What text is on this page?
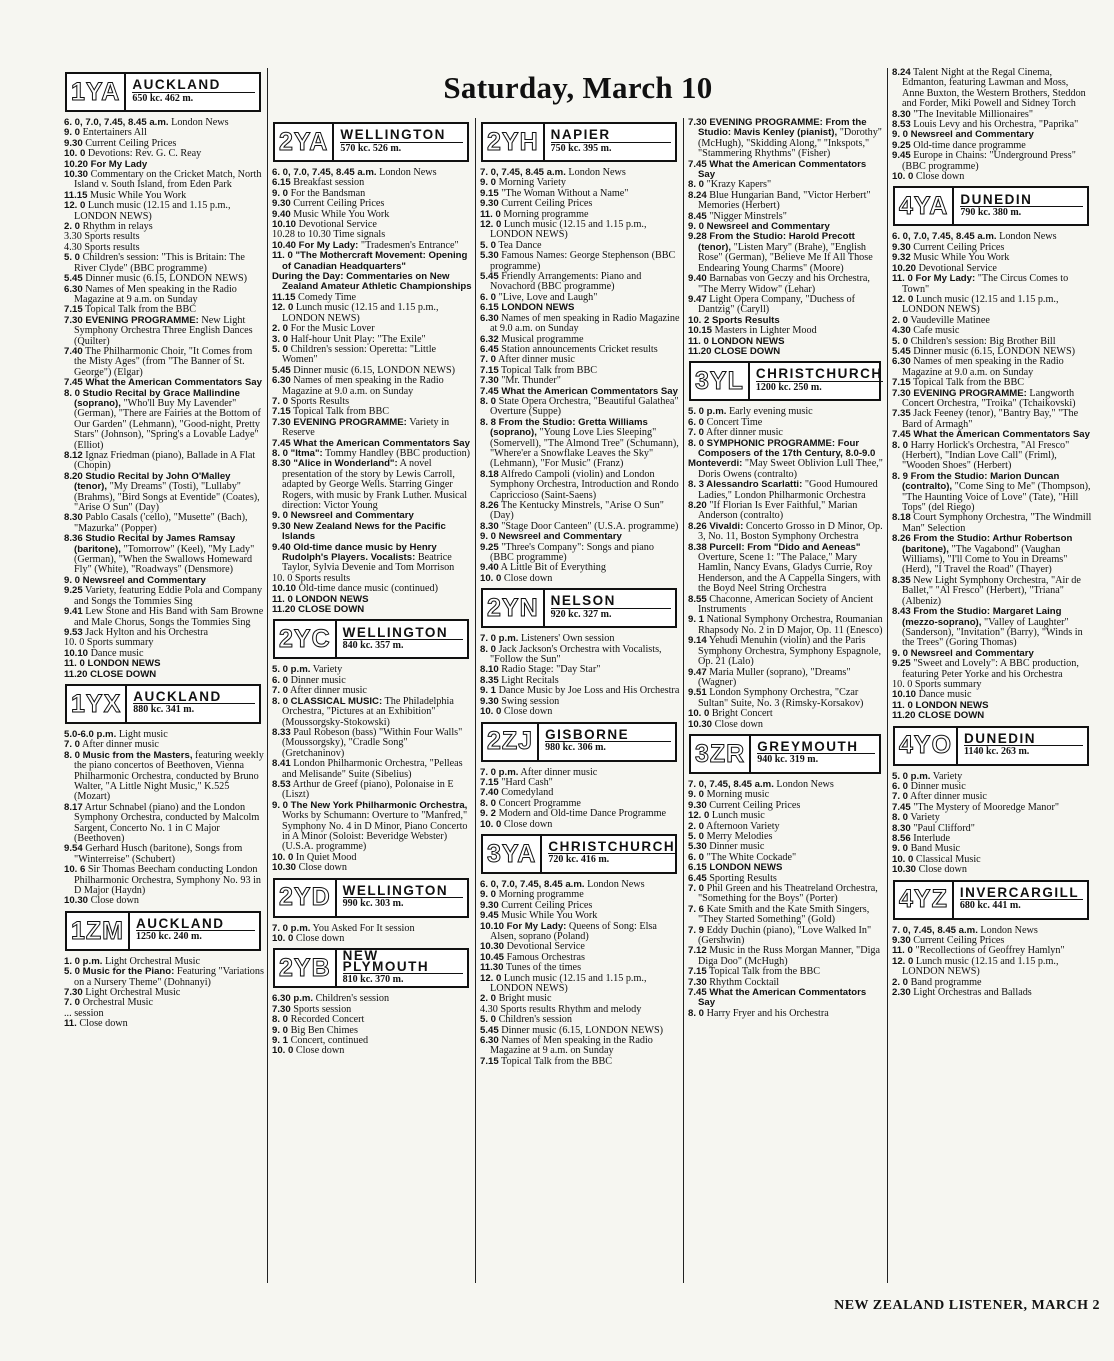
Saturday, March 10
1YA AUCKLAND
650 kc. 462 m.

6. 0, 7.0, 7.45, 8.45 a.m. London News

9. 0 Entertainers All

9.30 Current Ceiling Prices

10. 0 Devotions: Rev. G. C. Reay

10.20 For My Lady

10.30 Commentary on the Cricket Match, North Island v. South Island, from Eden Park

11.15 Music While You Work

12. 0 Lunch music (12.15 and 1.15 p.m., LONDON NEWS)

2. 0 Rhythm in relays

3.30 Sports results

4.30 Sports results

5. 0 Children's session: "This is Britain: The River Clyde" (BBC programme)

5.45 Dinner music (6.15, LONDON NEWS)

6.30 Names of Men speaking in the Radio Magazine at 9 a.m. on Sunday

7.15 Topical Talk from the BBC

7.30 EVENING PROGRAMME: New Light Symphony Orchestra Three English Dances (Quilter)

7.40 The Philharmonic Choir, "It Comes from the Misty Ages" (from "The Banner of St. George") (Elgar)

7.45 What the American Commentators Say

8. 0 Studio Recital by Grace Mallindine (soprano), "Who'll Buy My Lavender" (German), "There are Fairies at the Bottom of Our Garden" (Lehmann), "Good-night, Pretty Stars" (Johnson), "Spring's a Lovable Ladye" (Elliot)

8.12 Ignaz Friedman (piano), Ballade in A Flat (Chopin)

8.20 Studio Recital by John O'Malley (tenor), "My Dreams" (Tosti), "Lullaby" (Brahms), "Bird Songs at Eventide" (Coates), "Arise O Sun" (Day)

8.30 Pablo Casals ('cello), "Musette" (Bach), "Mazurka" (Popper)

8.36 Studio Recital by James Ramsay (baritone), "Tomorrow" (Keel), "My Lady" (German), "When the Swallows Homeward Fly" (White), "Roadways" (Densmore)

9. 0 Newsreel and Commentary

9.25 Variety, featuring Eddie Pola and Company and Songs the Tommies Sing

9.41 Lew Stone and His Band with Sam Browne and Male Chorus, Songs the Tommies Sing

9.53 Jack Hylton and his Orchestra

10. 0 Sports summary

10.10 Dance music

11. 0 LONDON NEWS

11.20 CLOSE DOWN

1YX AUCKLAND
880 kc. 341 m.

5.0-6.0 p.m. Light music

7. 0 After dinner music

8. 0 Music from the Masters, featuring weekly the piano concertos of Beethoven, Vienna Philharmonic Orchestra, conducted by Bruno Walter, "A Little Night Music," K.525 (Mozart)

8.17 Artur Schnabel (piano) and the London Symphony Orchestra, conducted by Malcolm Sargent, Concerto No. 1 in C Major (Beethoven)

9.54 Gerhard Husch (baritone), Songs from "Winterreise" (Schubert)

10. 6 Sir Thomas Beecham conducting London Philharmonic Orchestra, Symphony No. 93 in D Major (Haydn)

10.30 Close down

1ZM AUCKLAND
1250 kc. 240 m.

1. 0 p.m. Light Orchestral Music

5. 0 Music for the Piano: Featuring "Variations on a Nursery Theme" (Dohnanyi)

7.30 Light Orchestral Music

7. 0 Orchestral Music

... session

11. Close down

2YA WELLINGTON
570 kc. 526 m.

6. 0, 7.0, 7.45, 8.45 a.m. London News

6.15 Breakfast session

9. 0 For the Bandsman

9.30 Current Ceiling Prices

9.40 Music While You Work

10.10 Devotional Service

10.28 to 10.30 Time signals

10.40 For My Lady: "Tradesmen's Entrance"

11. 0 "The Mothercraft Movement: Opening of Canadian Headquarters"

During the Day: Commentaries on New Zealand Amateur Athletic Championships

11.15 Comedy Time

12. 0 Lunch music (12.15 and 1.15 p.m., LONDON NEWS)

2. 0 For the Music Lover

3. 0 Half-hour Unit Play: "The Exile"

5. 0 Children's session: Operetta: "Little Women"

5.45 Dinner music (6.15, LONDON NEWS)

6.30 Names of men speaking in the Radio Magazine at 9.0 a.m. on Sunday

7. 0 Sports Results

7.15 Topical Talk from BBC

7.30 EVENING PROGRAMME: Variety in Reserve

7.45 What the American Commentators Say

8. 0 "Itma": Tommy Handley (BBC production)

8.30 "Alice in Wonderland": A novel presentation of the story by Lewis Carroll, adapted by George Wells. Starring Ginger Rogers, with music by Frank Luther. Musical direction: Victor Young

9. 0 Newsreel and Commentary

9.30 New Zealand News for the Pacific Islands

9.40 Old-time dance music by Henry Rudolph's Players. Vocalists: Beatrice Taylor, Sylvia Devenie and Tom Morrison

10. 0 Sports results

10.10 Old-time dance music (continued)

11. 0 LONDON NEWS

11.20 CLOSE DOWN

2YC WELLINGTON
840 kc. 357 m.

5. 0 p.m. Variety

6. 0 Dinner music

7. 0 After dinner music

8. 0 CLASSICAL MUSIC: The Philadelphia Orchestra, "Pictures at an Exhibition" (Moussorgsky-Stokowski)

8.33 Paul Robeson (bass) "Within Four Walls" (Moussorgsky), "Cradle Song" (Gretchaninov)

8.41 London Philharmonic Orchestra, "Pelleas and Melisande" Suite (Sibelius)

8.53 Arthur de Greef (piano), Polonaise in E (Liszt)

9. 0 The New York Philharmonic Orchestra, Works by Schumann: Overture to "Manfred," Symphony No. 4 in D Minor, Piano Concerto in A Minor (Soloist: Beveridge Webster) (U.S.A. programme)

10. 0 In Quiet Mood

10.30 Close down

2YD WELLINGTON
990 kc. 303 m.

7. 0 p.m. You Asked For It session

10. 0 Close down

2YB NEW PLYMOUTH
810 kc. 370 m.

6.30 p.m. Children's session

7.30 Sports session

8. 0 Recorded Concert

9. 0 Big Ben Chimes

9. 1 Concert, continued

10. 0 Close down

2YH NAPIER
750 kc. 395 m.

7. 0, 7.45, 8.45 a.m. London News

9. 0 Morning Variety

9.15 "The Woman Without a Name"

9.30 Current Ceiling Prices

11. 0 Morning programme

12. 0 Lunch music (12.15 and 1.15 p.m., LONDON NEWS)

5. 0 Tea Dance

5.30 Famous Names: George Stephenson (BBC programme)

5.45 Friendly Arrangements: Piano and Novachord (BBC programme)

6. 0 "Live, Love and Laugh"

6.15 LONDON NEWS

6.30 Names of men speaking in Radio Magazine at 9.0 a.m. on Sunday

6.32 Musical programme

6.45 Station announcements Cricket results

7. 0 After dinner music

7.15 Topical Talk from BBC

7.30 "Mr. Thunder"

7.45 What the American Commentators Say

8. 0 State Opera Orchestra, "Beautiful Galathea" Overture (Suppe)

8. 8 From the Studio: Gretta Williams (soprano), "Young Love Lies Sleeping" (Somervell), "The Almond Tree" (Schumann), "Where'er a Snowflake Leaves the Sky" (Lehmann), "For Music" (Franz)

8.18 Alfredo Campoli (violin) and London Symphony Orchestra, Introduction and Rondo Capriccioso (Saint-Saens)

8.26 The Kentucky Minstrels, "Arise O Sun" (Day)

8.30 "Stage Door Canteen" (U.S.A. programme)

9. 0 Newsreel and Commentary

9.25 "Three's Company": Songs and piano (BBC programme)

9.40 A Little Bit of Everything

10. 0 Close down

2YN NELSON
920 kc. 327 m.

7. 0 p.m. Listeners' Own session

8. 0 Jack Jackson's Orchestra with Vocalists, "Follow the Sun"

8.10 Radio Stage: "Day Star"

8.35 Light Recitals

9. 1 Dance Music by Joe Loss and His Orchestra

9.30 Swing session

10. 0 Close down

2ZJ GISBORNE
980 kc. 306 m.

7. 0 p.m. After dinner music

7.15 "Hard Cash"

7.40 Comedyland

8. 0 Concert Programme

9. 2 Modern and Old-time Dance Programme

10. 0 Close down

3YA CHRISTCHURCH
720 kc. 416 m.

6. 0, 7.0, 7.45, 8.45 a.m. London News

9. 0 Morning programme

9.30 Current Ceiling Prices

9.45 Music While You Work

10.10 For My Lady: Queens of Song: Elsa Alsen, soprano (Poland)

10.30 Devotional Service

10.45 Famous Orchestras

11.30 Tunes of the times

12. 0 Lunch music (12.15 and 1.15 p.m., LONDON NEWS)

2. 0 Bright music

4.30 Sports results Rhythm and melody

5. 0 Children's session

5.45 Dinner music (6.15, LONDON NEWS)

6.30 Names of Men speaking in the Radio Magazine at 9 a.m. on Sunday

7.15 Topical Talk from the BBC

7.30 EVENING PROGRAMME: From the Studio: Mavis Kenley (pianist), "Dorothy" (McHugh), "Skidding Along," "Inkspots," "Stammering Rhythms" (Fisher)

7.45 What the American Commentators Say

8. 0 "Krazy Kapers"

8.24 Blue Hungarian Band, "Victor Herbert" Memories (Herbert)

8.45 "Nigger Minstrels"

9. 0 Newsreel and Commentary

9.28 From the Studio: Harold Precott (tenor), "Listen Mary" (Brahe), "English Rose" (German), "Believe Me If All Those Endearing Young Charms" (Moore)

9.40 Barnabas von Geczy and his Orchestra, "The Merry Widow" (Lehar)

9.47 Light Opera Company, "Duchess of Dantzig" (Caryll)

10. 2 Sports Results

10.15 Masters in Lighter Mood

11. 0 LONDON NEWS

11.20 CLOSE DOWN

3YL CHRISTCHURCH
1200 kc. 250 m.

5. 0 p.m. Early evening music

6. 0 Concert Time

7. 0 After dinner music

8. 0 SYMPHONIC PROGRAMME: Four Composers of the 17th Century, 8.0-9.0

Monteverdi: "May Sweet Oblivion Lull Thee," Doris Owens (contralto)

8. 3 Alessandro Scarlatti: "Good Humoured Ladies," London Philharmonic Orchestra

8.20 "If Florian Is Ever Faithful," Marian Anderson (contralto)

8.26 Vivaldi: Concerto Grosso in D Minor, Op. 3, No. 11, Boston Symphony Orchestra

8.38 Purcell: From "Dido and Aeneas" Overture, Scene 1: "The Palace," Mary Hamlin, Nancy Evans, Gladys Currie, Roy Henderson, and the A Cappella Singers, with the Boyd Neel String Orchestra

8.55 Chaconne, American Society of Ancient Instruments

9. 1 National Symphony Orchestra, Roumanian Rhapsody No. 2 in D Major, Op. 11 (Enesco)

9.14 Yehudi Menuhin (violin) and the Paris Symphony Orchestra, Symphony Espagnole, Op. 21 (Lalo)

9.47 Maria Muller (soprano), "Dreams" (Wagner)

9.51 London Symphony Orchestra, "Czar Sultan" Suite, No. 3 (Rimsky-Korsakov)

10. 0 Bright Concert

10.30 Close down

3ZR GREYMOUTH
940 kc. 319 m.

7. 0, 7.45, 8.45 a.m. London News

9. 0 Morning music

9.30 Current Ceiling Prices

12. 0 Lunch music

2. 0 Afternoon Variety

5. 0 Merry Melodies

5.30 Dinner music

6. 0 "The White Cockade"

6.15 LONDON NEWS

6.45 Sporting Results

7. 0 Phil Green and his Theatreland Orchestra, "Something for the Boys" (Porter)

7. 6 Kate Smith and the Kate Smith Singers, "They Started Something" (Gold)

7. 9 Eddy Duchin (piano), "Love Walked In" (Gershwin)

7.12 Music in the Russ Morgan Manner, "Diga Diga Doo" (McHugh)

7.15 Topical Talk from the BBC

7.30 Rhythm Cocktail

7.45 What the American Commentators Say

8. 0 Harry Fryer and his Orchestra

8.24 Talent Night at the Regal Cinema, Edmanton, featuring Lawman and Moss, Anne Buxton, the Western Brothers, Steddon and Forder, Miki Powell and Sidney Torch

8.30 "The Inevitable Millionaires"

8.53 Louis Levy and his Orchestra, "Paprika"

9. 0 Newsreel and Commentary

9.25 Old-time dance programme

9.45 Europe in Chains: "Underground Press" (BBC programme)

10. 0 Close down

4YA DUNEDIN
790 kc. 380 m.

6. 0, 7.0, 7.45, 8.45 a.m. London News

9.30 Current Ceiling Prices

9.32 Music While You Work

10.20 Devotional Service

11. 0 For My Lady: "The Circus Comes to Town"

12. 0 Lunch music (12.15 and 1.15 p.m., LONDON NEWS)

2. 0 Vaudeville Matinee

4.30 Cafe music

5. 0 Children's session: Big Brother Bill

5.45 Dinner music (6.15, LONDON NEWS)

6.30 Names of men speaking in the Radio Magazine at 9.0 a.m. on Sunday

7.15 Topical Talk from the BBC

7.30 EVENING PROGRAMME: Langworth Concert Orchestra, "Troika" (Tchaikovski)

7.35 Jack Feeney (tenor), "Bantry Bay," "The Bard of Armagh"

7.45 What the American Commentators Say

8. 0 Harry Horlick's Orchestra, "Al Fresco" (Herbert), "Indian Love Call" (Friml), "Wooden Shoes" (Herbert)

8. 9 From the Studio: Marion Duncan (contralto), "Come Sing to Me" (Thompson), "The Haunting Voice of Love" (Tate), "Hill Tops" (del Riego)

8.18 Court Symphony Orchestra, "The Windmill Man" Selection

8.26 From the Studio: Arthur Robertson (baritone), "The Vagabond" (Vaughan Williams), "I'll Come to You in Dreams" (Herd), "I Travel the Road" (Thayer)

8.35 New Light Symphony Orchestra, "Air de Ballet," "Al Fresco" (Herbert), "Triana" (Albeniz)

8.43 From the Studio: Margaret Laing (mezzo-soprano), "Valley of Laughter" (Sanderson), "Invitation" (Barry), "Winds in the Trees" (Goring Thomas)

9. 0 Newsreel and Commentary

9.25 "Sweet and Lovely": A BBC production, featuring Peter Yorke and his Orchestra

10. 0 Sports summary

10.10 Dance music

11. 0 LONDON NEWS

11.20 CLOSE DOWN

4YO DUNEDIN
1140 kc. 263 m.

5. 0 p.m. Variety

6. 0 Dinner music

7. 0 After dinner music

7.45 "The Mystery of Mooredge Manor"

8. 0 Variety

8.30 "Paul Clifford"

8.56 Interlude

9. 0 Band Music

10. 0 Classical Music

10.30 Close down

4YZ INVERCARGILL
680 kc. 441 m.

7. 0, 7.45, 8.45 a.m. London News

9.30 Current Ceiling Prices

11. 0 "Recollections of Geoffrey Hamlyn"

12. 0 Lunch music (12.15 and 1.15 p.m., LONDON NEWS)

2. 0 Band programme

2.30 Light Orchestras and Ballads

NEW ZEALAND LISTENER, MARCH 2
